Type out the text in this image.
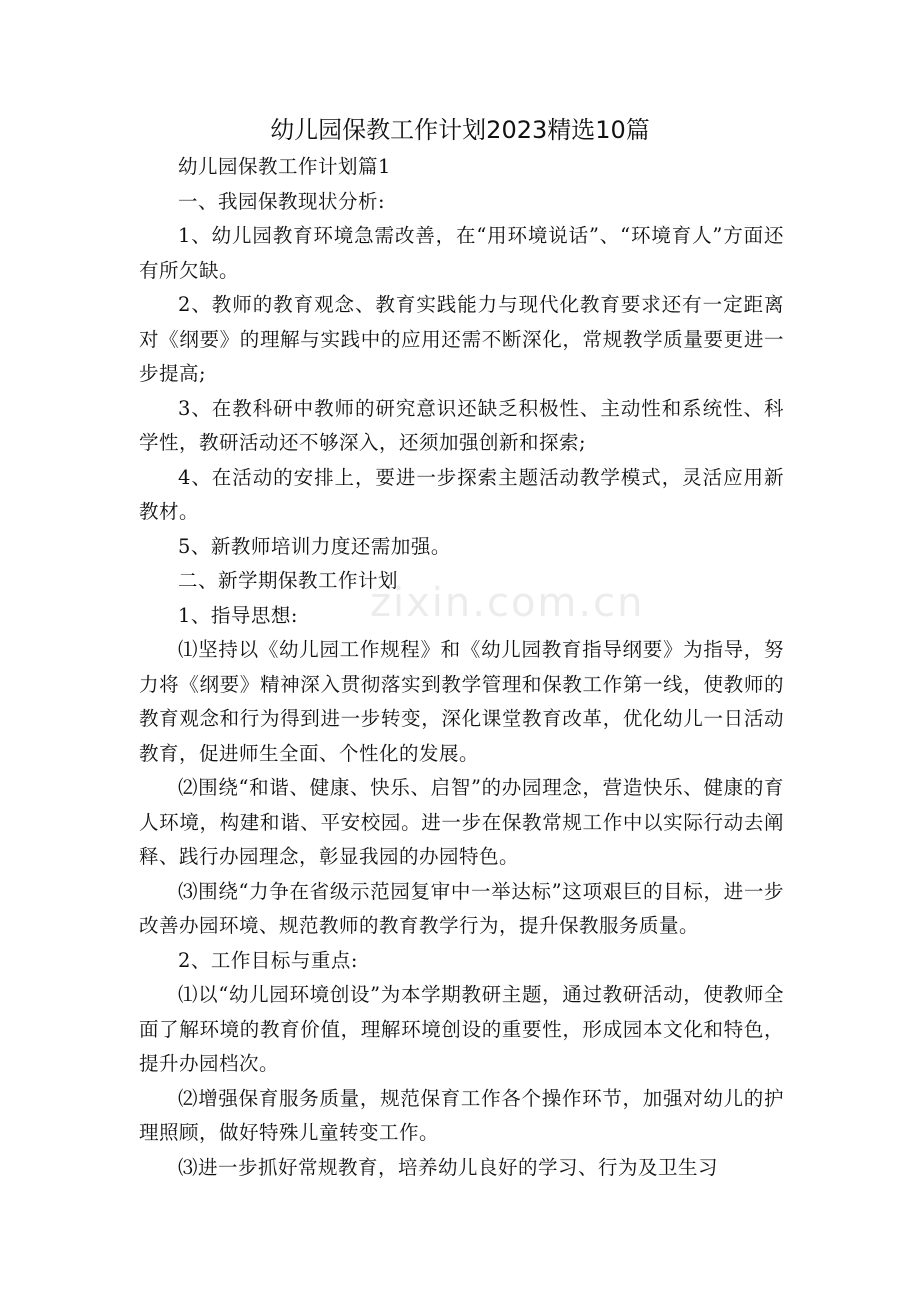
zixin.com.cn
幼儿园保教工作计划2023精选10篇

幼儿园保教工作计划篇1

一、我园保教现状分析:

1、幼儿园教育环境急需改善，在“用环境说话”、“环境育人”方面还有所欠缺。

2、教师的教育观念、教育实践能力与现代化教育要求还有一定距离对《纲要》的理解与实践中的应用还需不断深化，常规教学质量要更进一步提高;

3、在教科研中教师的研究意识还缺乏积极性、主动性和系统性、科学性，教研活动还不够深入，还须加强创新和探索;

4、在活动的安排上，要进一步探索主题活动教学模式，灵活应用新教材。

5、新教师培训力度还需加强。

二、新学期保教工作计划

1、指导思想:

⑴坚持以《幼儿园工作规程》和《幼儿园教育指导纲要》为指导，努力将《纲要》精神深入贯彻落实到教学管理和保教工作第一线，使教师的教育观念和行为得到进一步转变，深化课堂教育改革，优化幼儿一日活动教育，促进师生全面、个性化的发展。

⑵围绕“和谐、健康、快乐、启智”的办园理念，营造快乐、健康的育人环境，构建和谐、平安校园。进一步在保教常规工作中以实际行动去阐释、践行办园理念，彰显我园的办园特色。

⑶围绕“力争在省级示范园复审中一举达标”这项艰巨的目标，进一步改善办园环境、规范教师的教育教学行为，提升保教服务质量。

2、工作目标与重点:

⑴以“幼儿园环境创设”为本学期教研主题，通过教研活动，使教师全面了解环境的教育价值，理解环境创设的重要性，形成园本文化和特色，提升办园档次。

⑵增强保育服务质量，规范保育工作各个操作环节，加强对幼儿的护理照顾，做好特殊儿童转变工作。

⑶进一步抓好常规教育，培养幼儿良好的学习、行为及卫生习
